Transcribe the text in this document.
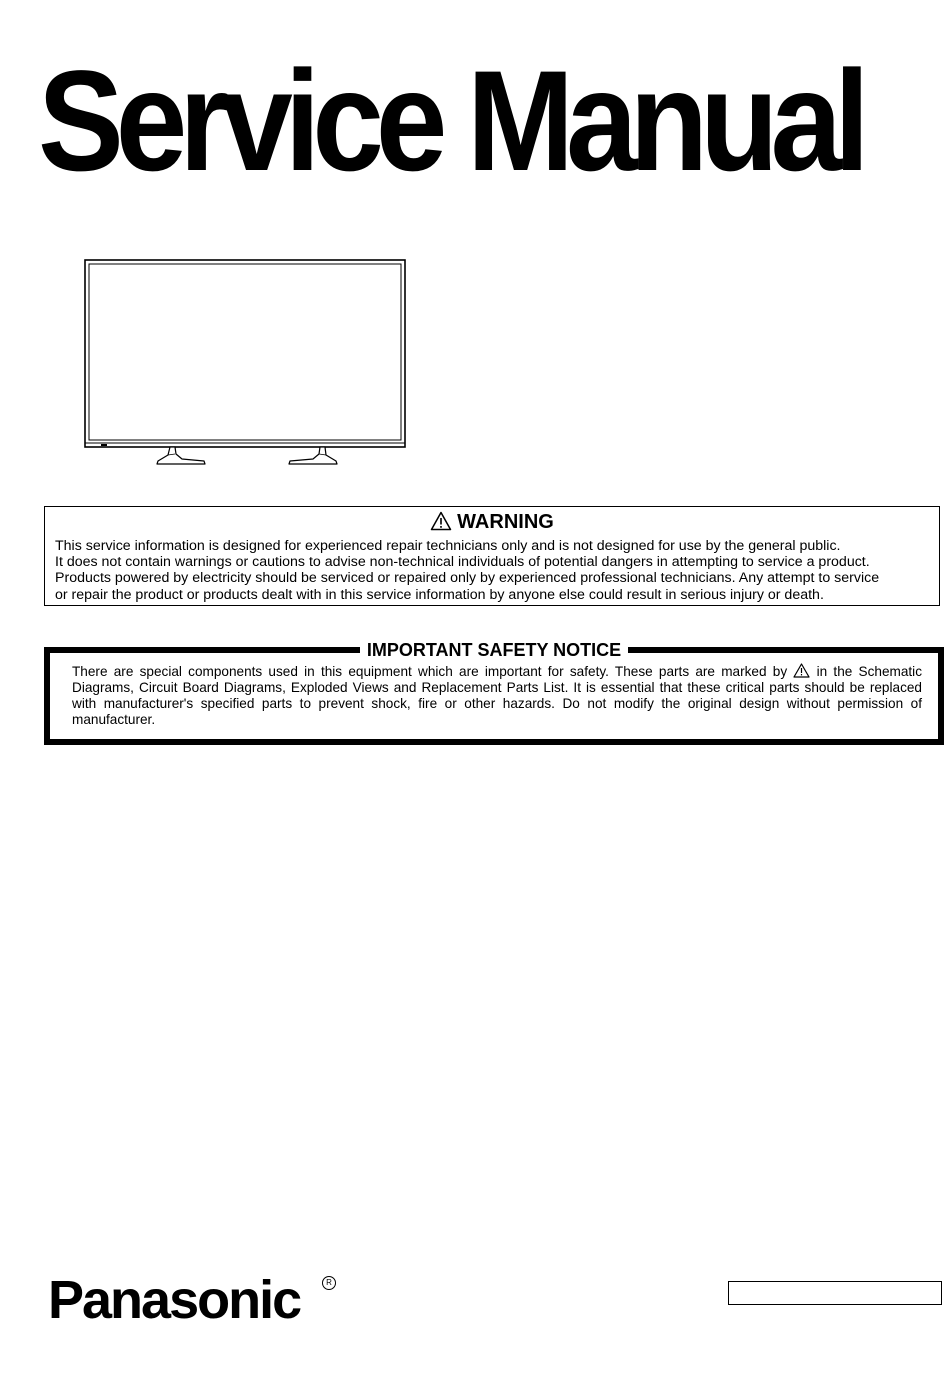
Service Manual
WARNING
This service information is designed for experienced repair technicians only and is not designed for use by the general public.
It does not contain warnings or cautions to advise non-technical individuals of potential dangers in attempting to service a product.
Products powered by electricity should be serviced or repaired only by experienced professional technicians. Any attempt to service
or repair the product or products dealt with in this service information by anyone else could result in serious injury or death.
IMPORTANT SAFETY NOTICE
There are special components used in this equipment which are important for safety. These parts are marked by in the Schematic Diagrams, Circuit Board Diagrams, Exploded Views and Replacement Parts List. It is essential that these critical parts should be replaced with manufacturer's specified parts to prevent shock, fire or other hazards. Do not modify the original design without permission of manufacturer.
Panasonic	R
